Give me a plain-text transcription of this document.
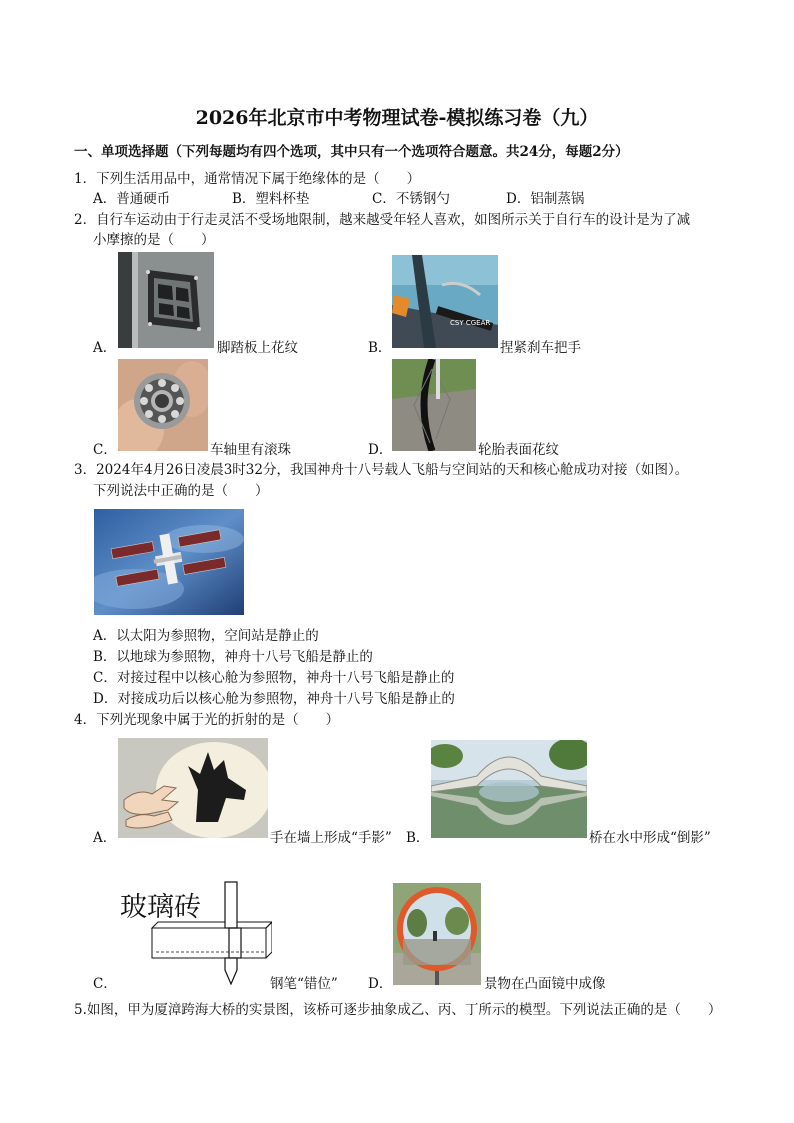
2026年北京市中考物理试卷-模拟练习卷（九）
一、单项选择题（下列每题均有四个选项，其中只有一个选项符合题意。共24分，每题2分）
1．下列生活用品中，通常情况下属于绝缘体的是（　　）
A．普通硬币	B．塑料杯垫	C．不锈钢勺	D．铝制蒸锅
2．自行车运动由于行走灵活不受场地限制，越来越受年轻人喜欢，如图所示关于自行车的设计是为了减
小摩擦的是（　　）
A．	脚踏板上花纹
CSY CGEAR
B．	捏紧刹车把手
C．	车轴里有滚珠	D．	轮胎表面花纹
3．2024年4月26日凌晨3时32分，我国神舟十八号载人飞船与空间站的天和核心舱成功对接（如图）。
下列说法中正确的是（　　）
A．以太阳为参照物，空间站是静止的
B．以地球为参照物，神舟十八号飞船是静止的
C．对接过程中以核心舱为参照物，神舟十八号飞船是静止的
D．对接成功后以核心舱为参照物，神舟十八号飞船是静止的
4．下列光现象中属于光的折射的是（　　）
A．	手在墙上形成“手影” B．	桥在水中形成“倒影”
玻璃砖
C．	钢笔“错位” D．	景物在凸面镜中成像
5.如图，甲为厦漳跨海大桥的实景图，该桥可逐步抽象成乙、丙、丁所示的模型。下列说法正确的是（　　）
